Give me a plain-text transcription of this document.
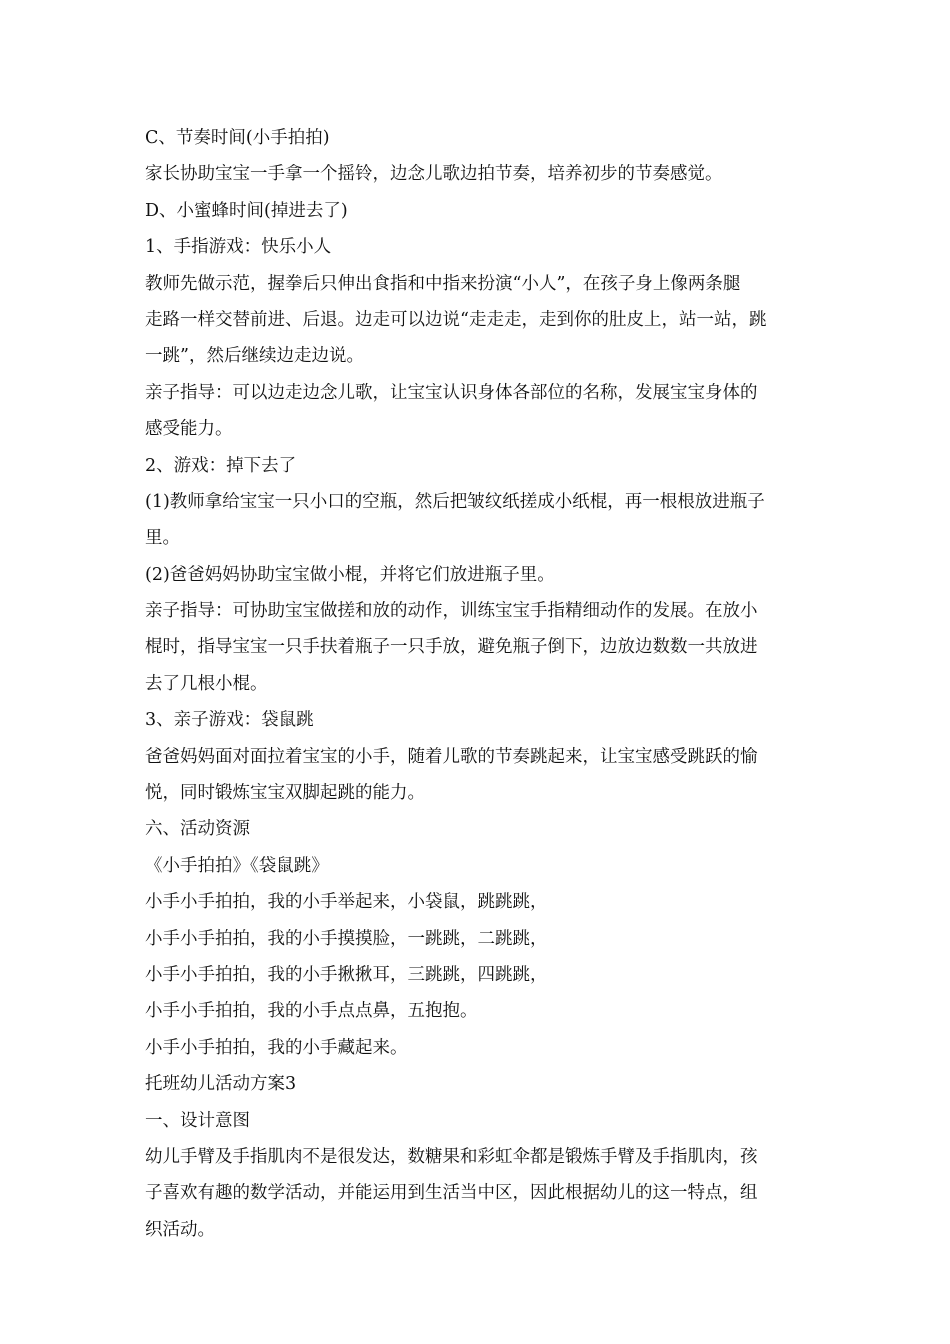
C、节奏时间(小手拍拍)
家长协助宝宝一手拿一个摇铃，边念儿歌边拍节奏，培养初步的节奏感觉。
D、小蜜蜂时间(掉进去了)
1、手指游戏：快乐小人
教师先做示范，握拳后只伸出食指和中指来扮演“小人”，在孩子身上像两条腿
走路一样交替前进、后退。边走可以边说“走走走，走到你的肚皮上，站一站，跳
一跳”，然后继续边走边说。
亲子指导：可以边走边念儿歌，让宝宝认识身体各部位的名称，发展宝宝身体的
感受能力。
2、游戏：掉下去了
(1)教师拿给宝宝一只小口的空瓶，然后把皱纹纸搓成小纸棍，再一根根放进瓶子
里。
(2)爸爸妈妈协助宝宝做小棍，并将它们放进瓶子里。
亲子指导：可协助宝宝做搓和放的动作，训练宝宝手指精细动作的发展。在放小
棍时，指导宝宝一只手扶着瓶子一只手放，避免瓶子倒下，边放边数数一共放进
去了几根小棍。
3、亲子游戏：袋鼠跳
爸爸妈妈面对面拉着宝宝的小手，随着儿歌的节奏跳起来，让宝宝感受跳跃的愉
悦，同时锻炼宝宝双脚起跳的能力。
六、活动资源
《小手拍拍》《袋鼠跳》
小手小手拍拍，我的小手举起来，小袋鼠，跳跳跳，
小手小手拍拍，我的小手摸摸脸，一跳跳，二跳跳，
小手小手拍拍，我的小手揪揪耳，三跳跳，四跳跳，
小手小手拍拍，我的小手点点鼻，五抱抱。
小手小手拍拍，我的小手藏起来。
托班幼儿活动方案3
一、设计意图
幼儿手臂及手指肌肉不是很发达，数糖果和彩虹伞都是锻炼手臂及手指肌肉，孩
子喜欢有趣的数学活动，并能运用到生活当中区，因此根据幼儿的这一特点，组
织活动。
